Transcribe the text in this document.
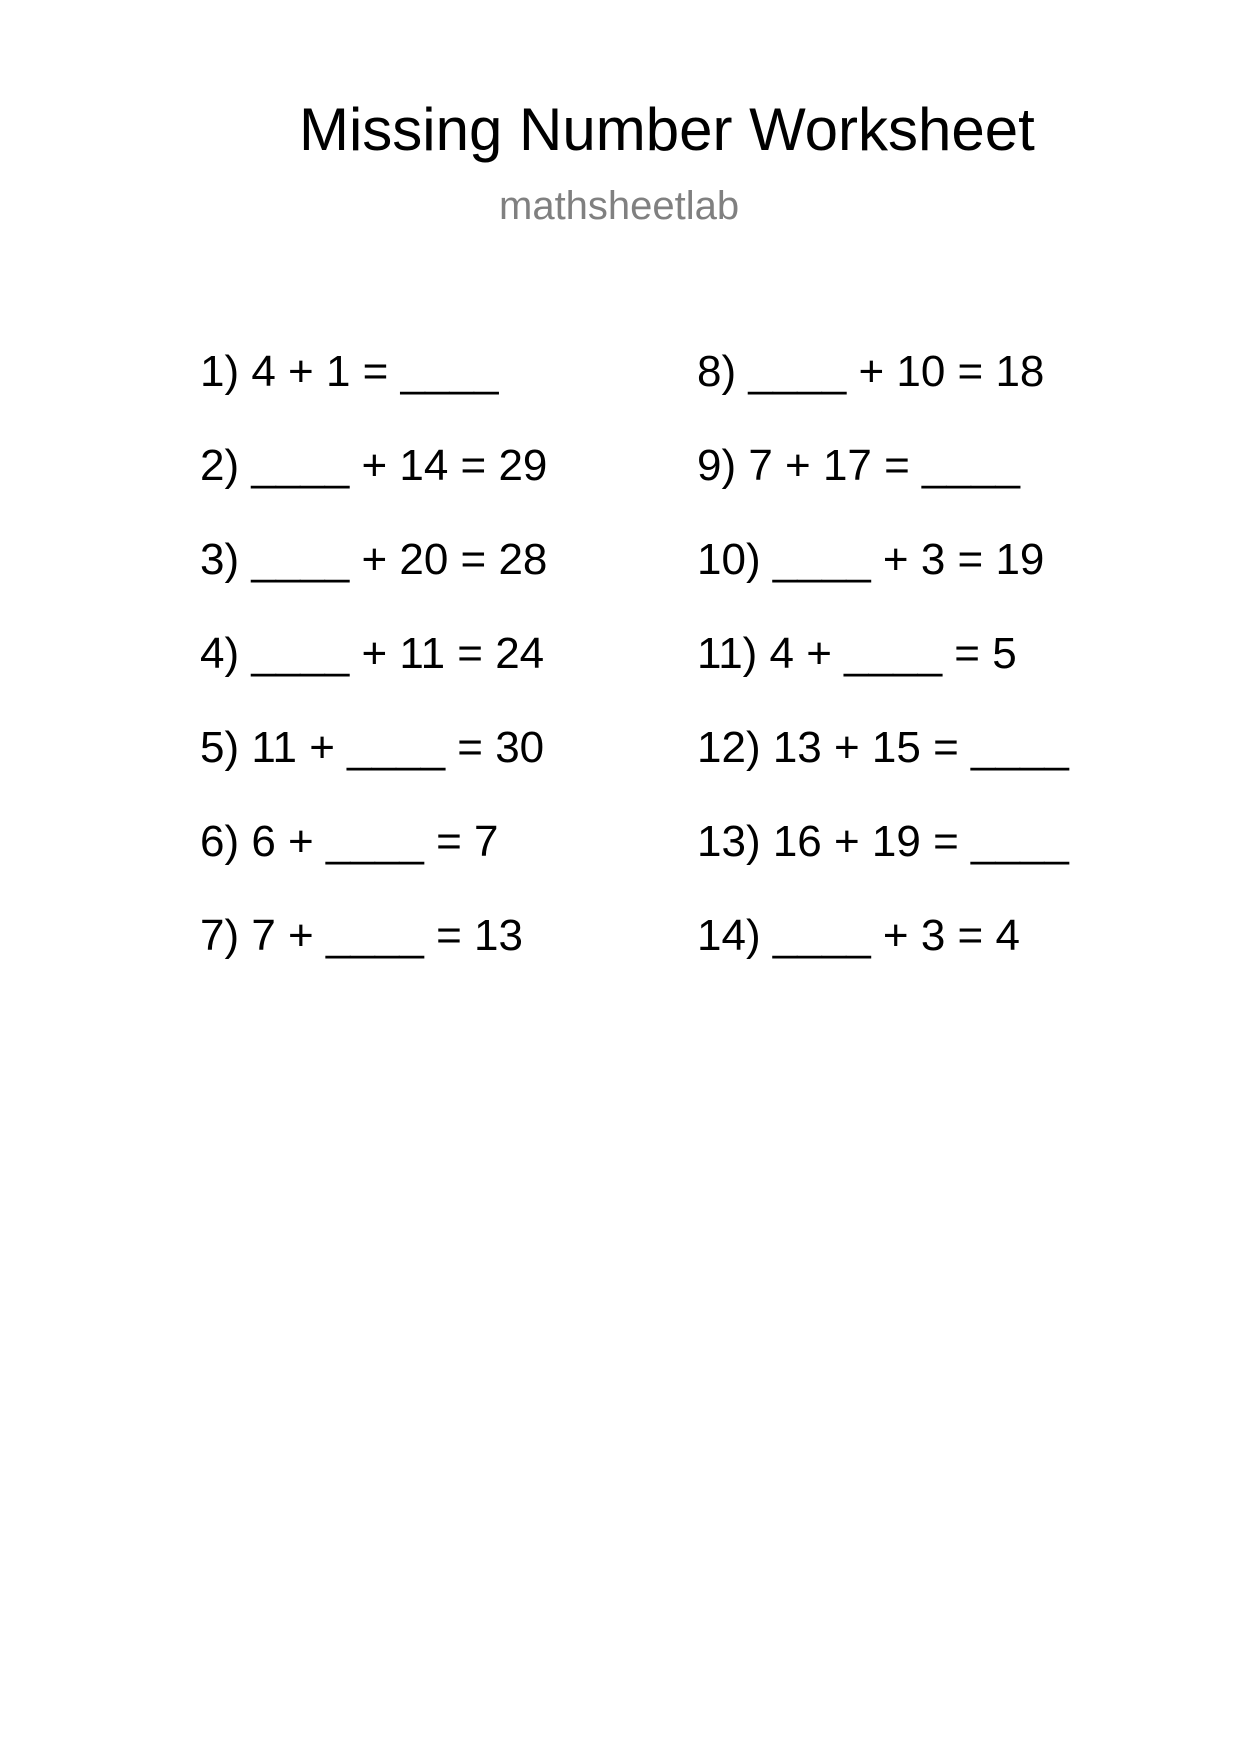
Missing Number Worksheet
mathsheetlab
1) 4 + 1 = ____
2) ____ + 14 = 29
3) ____ + 20 = 28
4) ____ + 11 = 24
5) 11 + ____ = 30
6) 6 + ____ = 7
7) 7 + ____ = 13
8) ____ + 10 = 18
9) 7 + 17 = ____
10) ____ + 3 = 19
11) 4 + ____ = 5
12) 13 + 15 = ____
13) 16 + 19 = ____
14) ____ + 3 = 4
